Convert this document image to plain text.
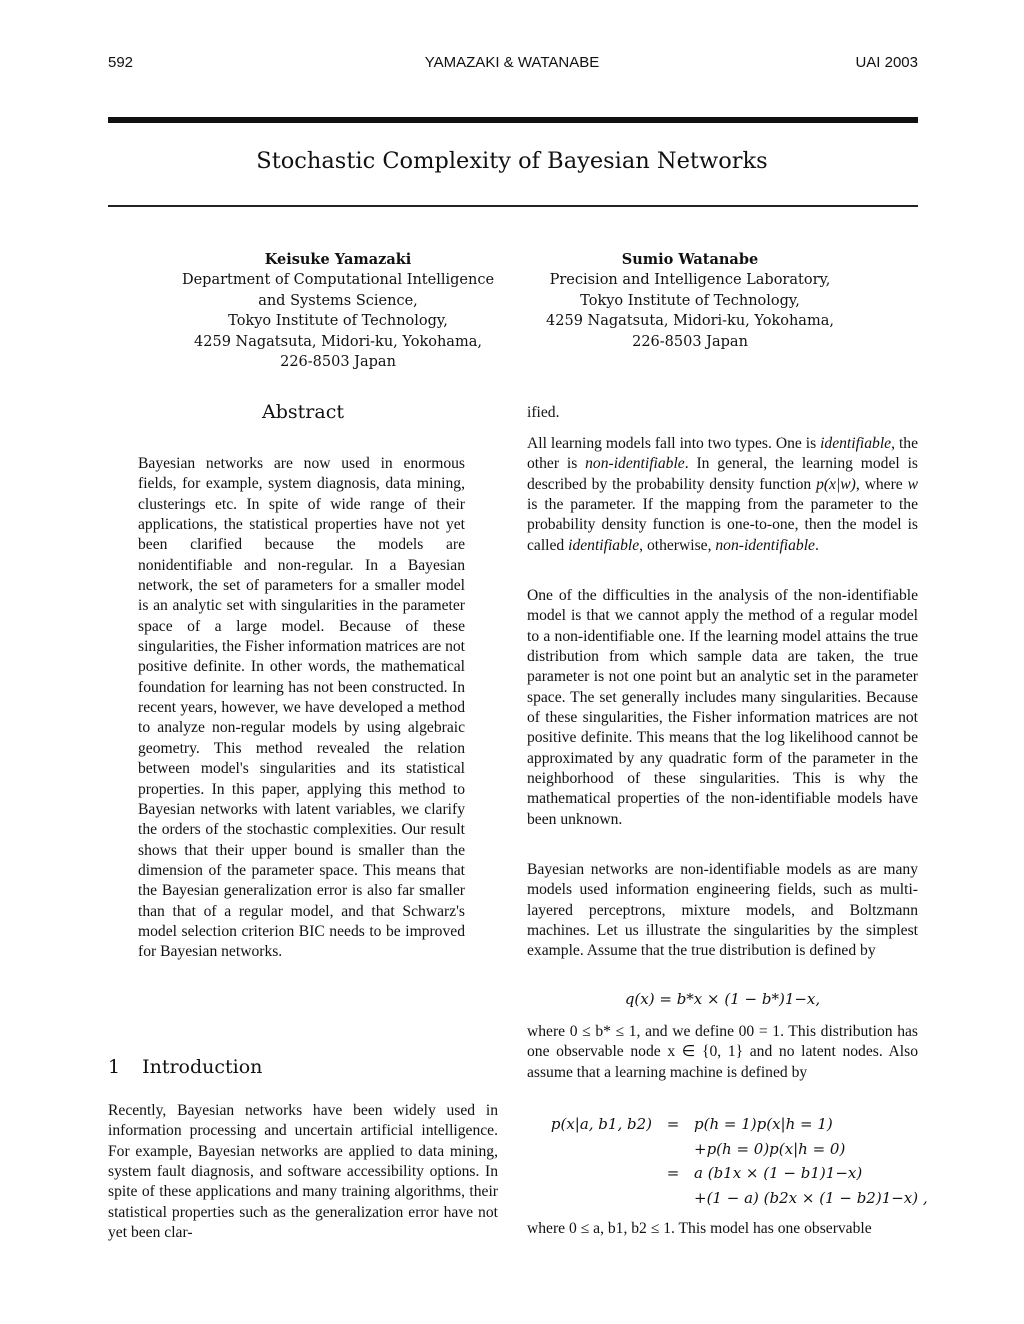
592	YAMAZAKI & WATANABE	UAI 2003
Stochastic Complexity of Bayesian Networks
Keisuke Yamazaki
Department of Computational Intelligence
and Systems Science,
Tokyo Institute of Technology,
4259 Nagatsuta, Midori-ku, Yokohama,
226-8503 Japan
Sumio Watanabe
Precision and Intelligence Laboratory,
Tokyo Institute of Technology,
4259 Nagatsuta, Midori-ku, Yokohama,
226-8503 Japan
Abstract

Bayesian networks are now used in enormous fields, for example, system diagnosis, data mining, clusterings etc. In spite of wide range of their applications, the statistical properties have not yet been clarified because the models are nonidentifiable and non-regular. In a Bayesian network, the set of parameters for a smaller model is an analytic set with singularities in the parameter space of a large model. Because of these singularities, the Fisher information matrices are not positive definite. In other words, the mathematical foundation for learning has not been constructed. In recent years, however, we have developed a method to analyze non-regular models by using algebraic geometry. This method revealed the relation between model's singularities and its statistical properties. In this paper, applying this method to Bayesian networks with latent variables, we clarify the orders of the stochastic complexities. Our result shows that their upper bound is smaller than the dimension of the parameter space. This means that the Bayesian generalization error is also far smaller than that of a regular model, and that Schwarz's model selection criterion BIC needs to be improved for Bayesian networks.

1 Introduction

Recently, Bayesian networks have been widely used in information processing and uncertain artificial intelligence. For example, Bayesian networks are applied to data mining, system fault diagnosis, and software accessibility options. In spite of these applications and many training algorithms, their statistical properties such as the generalization error have not yet been clar-

ified.

All learning models fall into two types. One is identifiable, the other is non-identifiable. In general, the learning model is described by the probability density function p(x|w), where w is the parameter. If the mapping from the parameter to the probability density function is one-to-one, then the model is called identifiable, otherwise, non-identifiable.

One of the difficulties in the analysis of the non-identifiable model is that we cannot apply the method of a regular model to a non-identifiable one. If the learning model attains the true distribution from which sample data are taken, the true parameter is not one point but an analytic set in the parameter space. The set generally includes many singularities. Because of these singularities, the Fisher information matrices are not positive definite. This means that the log likelihood cannot be approximated by any quadratic form of the parameter in the neighborhood of these singularities. This is why the mathematical properties of the non-identifiable models have been unknown.

Bayesian networks are non-identifiable models as are many models used information engineering fields, such as multi-layered perceptrons, mixture models, and Boltzmann machines. Let us illustrate the singularities by the simplest example. Assume that the true distribution is defined by

q(x) = b*x × (1 − b*)1−x,

where 0 ≤ b* ≤ 1, and we define 00 = 1. This distribution has one observable node x ∈ {0, 1} and no latent nodes. Also assume that a learning machine is defined by

p(x|a, b1, b2) = p(h = 1)p(x|h = 1)
+p(h = 0)p(x|h = 0)
= a (b1x × (1 − b1)1−x)
+(1 − a) (b2x × (1 − b2)1−x) ,

where 0 ≤ a, b1, b2 ≤ 1. This model has one observable
